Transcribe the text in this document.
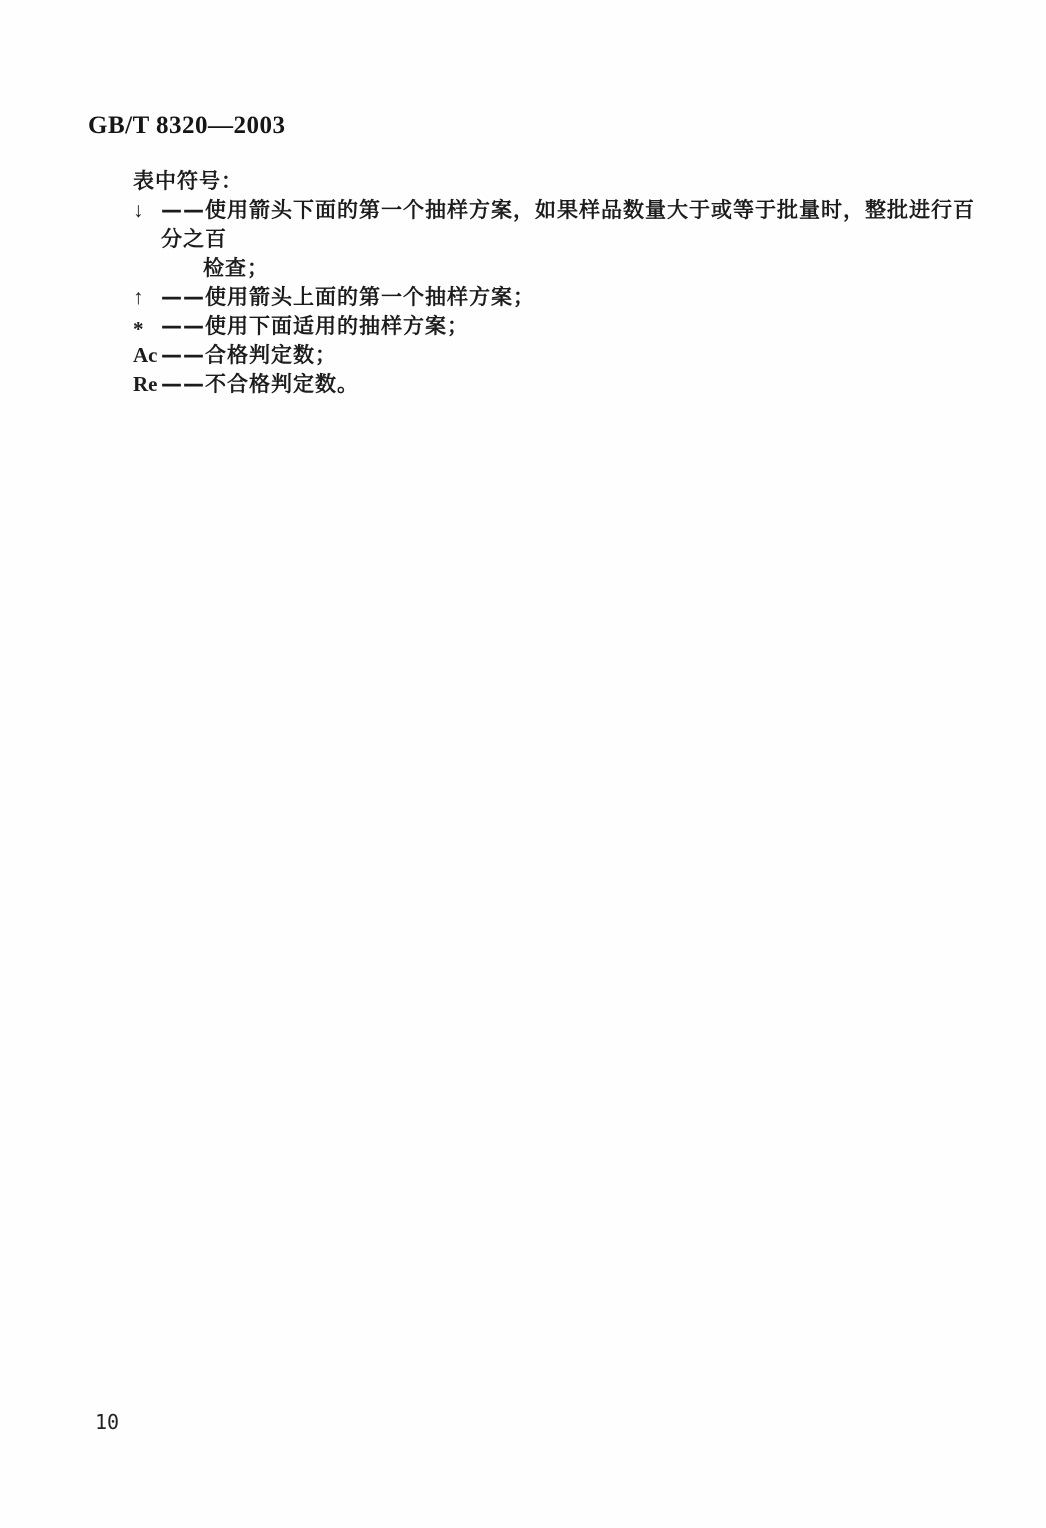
GB/T 8320—2003
表中符号：
↓ ——使用箭头下面的第一个抽样方案，如果样品数量大于或等于批量时，整批进行百分之百
检查；
↑ ——使用箭头上面的第一个抽样方案；
* ——使用下面适用的抽样方案；
Ac ——合格判定数；
Re ——不合格判定数。
10
